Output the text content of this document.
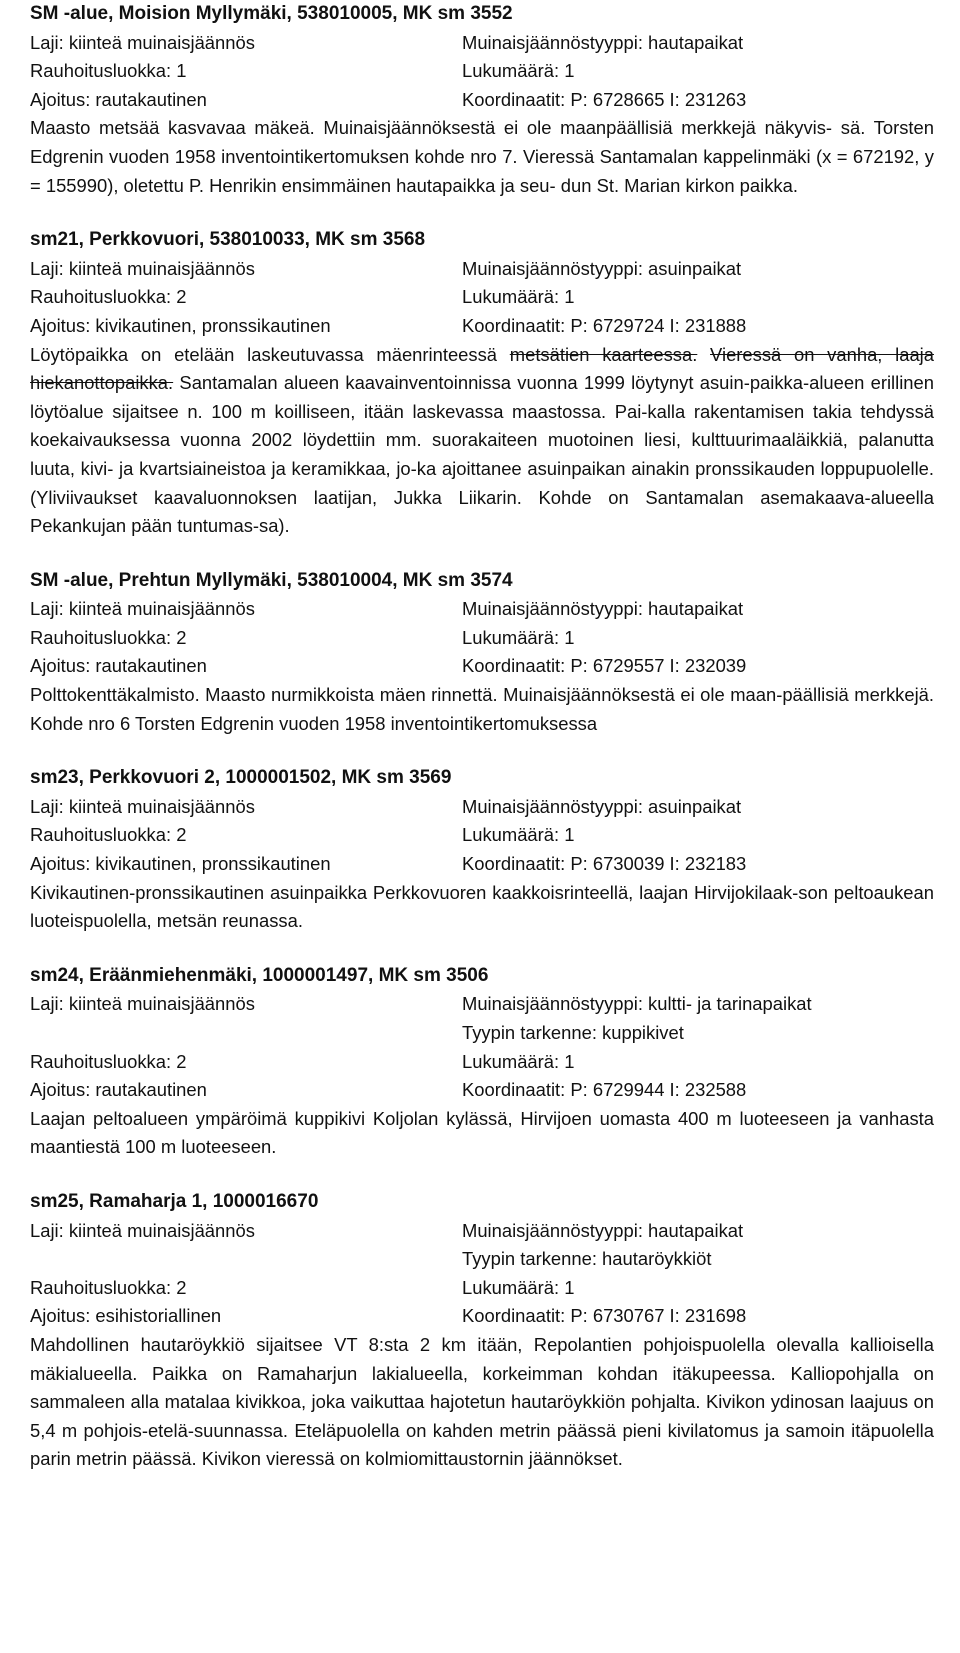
SM -alue, Moision Myllymäki, 538010005, MK sm 3552
Laji: kiinteä muinaisjäännös	Muinaisjäännöstyyppi: hautapaikat
Rauhoitusluokka: 1	Lukumäärä: 1
Ajoitus: rautakautinen	Koordinaatit: P: 6728665 I: 231263

Maasto metsää kasvavaa mäkeä. Muinaisjäännöksestä ei ole maanpäällisiä merkkejä näkyvis- sä. Torsten Edgrenin vuoden 1958 inventointikertomuksen kohde nro 7. Vieressä Santamalan kappelinmäki (x = 672192, y = 155990), oletettu P. Henrikin ensimmäinen hautapaikka ja seu- dun St. Marian kirkon paikka.

sm21, Perkkovuori, 538010033, MK sm 3568
Laji: kiinteä muinaisjäännös	Muinaisjäännöstyyppi: asuinpaikat
Rauhoitusluokka: 2	Lukumäärä: 1
Ajoitus: kivikautinen, pronssikautinen	Koordinaatit: P: 6729724 I: 231888

Löytöpaikka on etelään laskeutuvassa mäenrinteessä metsätien kaarteessa. Vieressä on vanha, laaja hiekanottopaikka. Santamalan alueen kaavainventoinnissa vuonna 1999 löytynyt asuin-paikka-alueen erillinen löytöalue sijaitsee n. 100 m koilliseen, itään laskevassa maastossa. Pai-kalla rakentamisen takia tehdyssä koekaivauksessa vuonna 2002 löydettiin mm. suorakaiteen muotoinen liesi, kulttuurimaaläikkiä, palanutta luuta, kivi- ja kvartsiaineistoa ja keramikkaa, jo-ka ajoittanee asuinpaikan ainakin pronssikauden loppupuolelle. (Yliviivaukset kaavaluonnoksen laatijan, Jukka Liikarin. Kohde on Santamalan asemakaava-alueella Pekankujan pään tuntumas-sa).

SM -alue, Prehtun Myllymäki, 538010004, MK sm 3574
Laji: kiinteä muinaisjäännös	Muinaisjäännöstyyppi: hautapaikat
Rauhoitusluokka: 2	Lukumäärä: 1
Ajoitus: rautakautinen	Koordinaatit: P: 6729557 I: 232039

Polttokenttäkalmisto. Maasto nurmikkoista mäen rinnettä. Muinaisjäännöksestä ei ole maan-päällisiä merkkejä. Kohde nro 6 Torsten Edgrenin vuoden 1958 inventointikertomuksessa

sm23, Perkkovuori 2, 1000001502, MK sm 3569
Laji: kiinteä muinaisjäännös	Muinaisjäännöstyyppi: asuinpaikat
Rauhoitusluokka: 2	Lukumäärä: 1
Ajoitus: kivikautinen, pronssikautinen	Koordinaatit: P: 6730039 I: 232183

Kivikautinen-pronssikautinen asuinpaikka Perkkovuoren kaakkoisrinteellä, laajan Hirvijokilaak-son peltoaukean luoteispuolella, metsän reunassa.

sm24, Eräänmiehenmäki, 1000001497, MK sm 3506
Laji: kiinteä muinaisjäännös	Muinaisjäännöstyyppi: kultti- ja tarinapaikat
Tyypin tarkenne: kuppikivet
Rauhoitusluokka: 2	Lukumäärä: 1
Ajoitus: rautakautinen	Koordinaatit: P: 6729944 I: 232588

Laajan peltoalueen ympäröimä kuppikivi Koljolan kylässä, Hirvijoen uomasta 400 m luoteeseen ja vanhasta maantiestä 100 m luoteeseen.

sm25, Ramaharja 1, 1000016670
Laji: kiinteä muinaisjäännös	Muinaisjäännöstyyppi: hautapaikat
Tyypin tarkenne: hautaröykkiöt
Rauhoitusluokka: 2	Lukumäärä: 1
Ajoitus: esihistoriallinen	Koordinaatit: P: 6730767 I: 231698

Mahdollinen hautaröykkiö sijaitsee VT 8:sta 2 km itään, Repolantien pohjoispuolella olevalla kallioisella mäkialueella. Paikka on Ramaharjun lakialueella, korkeimman kohdan itäkupeessa. Kalliopohjalla on sammaleen alla matalaa kivikkoa, joka vaikuttaa hajotetun hautaröykkiön pohjalta. Kivikon ydinosan laajuus on 5,4 m pohjois-etelä-suunnassa. Eteläpuolella on kahden metrin päässä pieni kivilatomus ja samoin itäpuolella parin metrin päässä. Kivikon vieressä on kolmiomittaustornin jäännökset.
